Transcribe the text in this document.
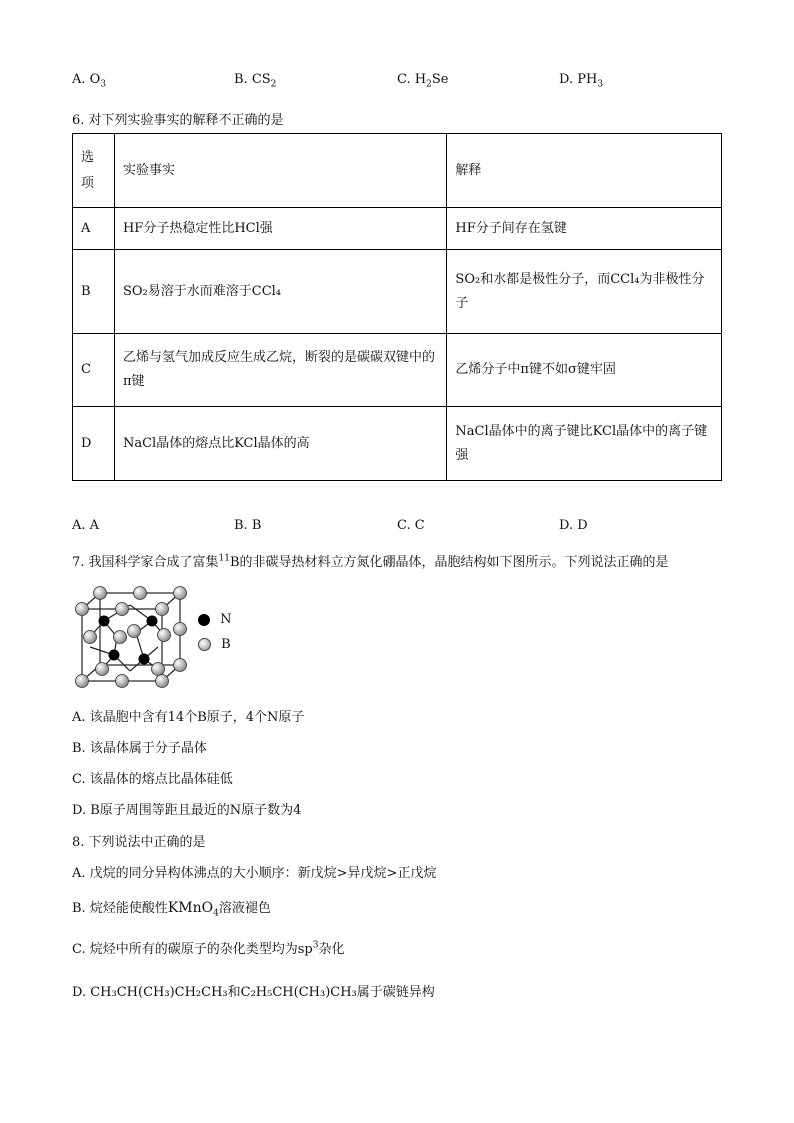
A. $O_3$	B. $CS_2$	C. $H_2Se$	D. $PH_3$
6. 对下列实验事实的解释不正确的是
选项	实验事实	解释
A	HF分子热稳定性比HCl强	HF分子间存在氢键
B	SO₂易溶于水而难溶于CCl₄	SO₂和水都是极性分子，而CCl₄为非极性分子
C	乙烯与氢气加成反应生成乙烷，断裂的是碳碳双键中的π键	乙烯分子中π键不如σ键牢固
D	NaCl晶体的熔点比KCl晶体的高	NaCl晶体中的离子键比KCl晶体中的离子键强
A. A	B. B	C. C	D. D
7. 我国科学家合成了富集$^{11}$B的非碳导热材料立方氮化硼晶体，晶胞结构如下图所示。下列说法正确的是
N
B
A. 该晶胞中含有14个B原子，4个N原子
B. 该晶体属于分子晶体
C. 该晶体的熔点比晶体硅低
D. B原子周围等距且最近的N原子数为4
8. 下列说法中正确的是
A. 戊烷的同分异构体沸点的大小顺序：新戊烷>异戊烷>正戊烷
B. 烷烃能使酸性KMnO$_4$溶液褪色
C. 烷烃中所有的碳原子的杂化类型均为$sp^3$杂化
D. CH₃CH(CH₃)CH₂CH₃和C₂H₅CH(CH₃)CH₃属于碳链异构
